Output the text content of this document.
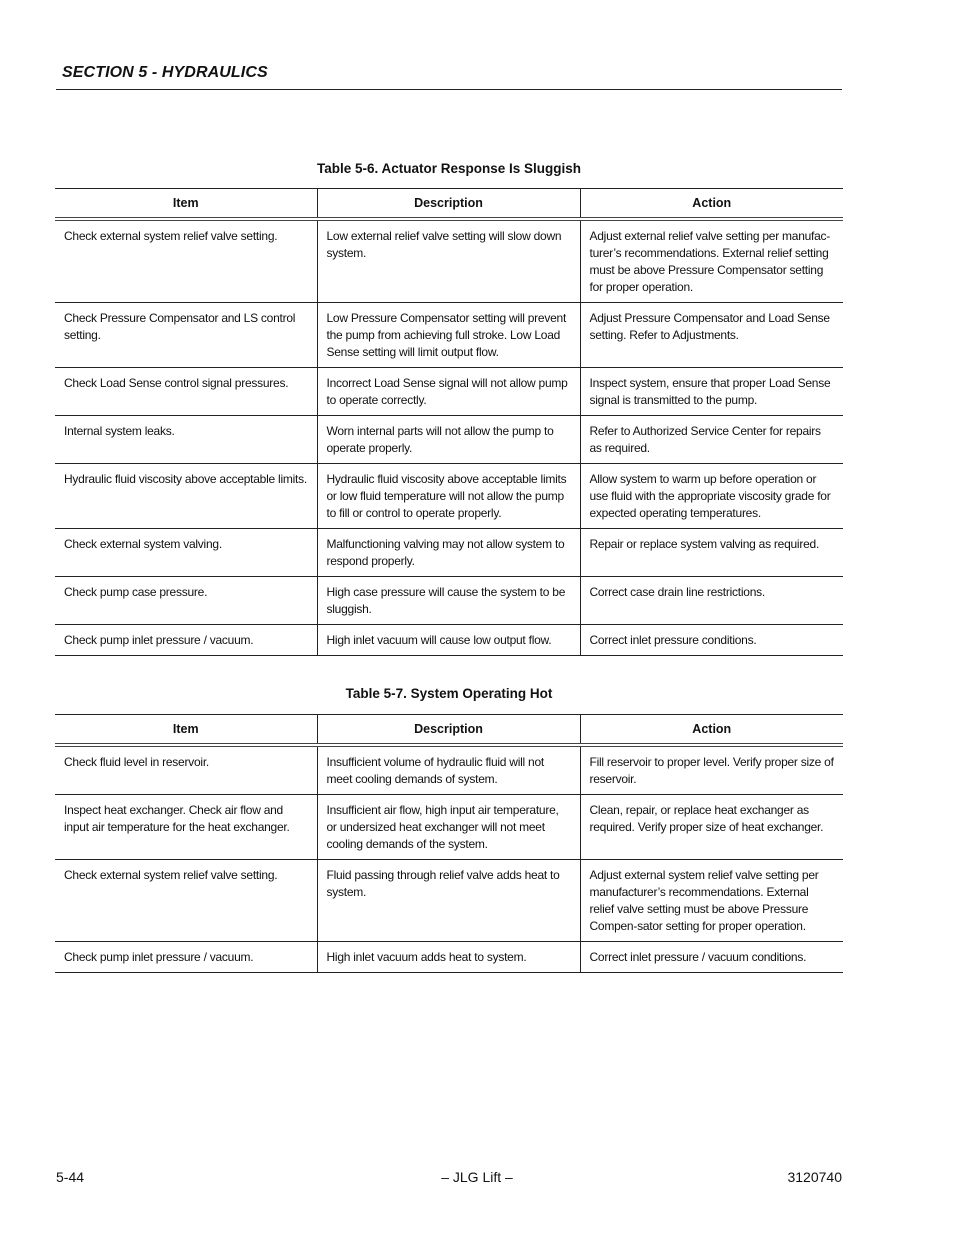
SECTION 5 - HYDRAULICS
Table 5-6. Actuator Response Is Sluggish
Item	Description	Action
Check external system relief valve setting.	Low external relief valve setting will slow down system.	Adjust external relief valve setting per manufac-turer’s recommendations. External relief setting must be above Pressure Compensator setting for proper operation.
Check Pressure Compensator and LS control setting.	Low Pressure Compensator setting will prevent the pump from achieving full stroke. Low Load Sense setting will limit output flow.	Adjust Pressure Compensator and Load Sense setting. Refer to Adjustments.
Check Load Sense control signal pressures.	Incorrect Load Sense signal will not allow pump to operate correctly.	Inspect system, ensure that proper Load Sense signal is transmitted to the pump.
Internal system leaks.	Worn internal parts will not allow the pump to operate properly.	Refer to Authorized Service Center for repairs as required.
Hydraulic fluid viscosity above acceptable limits.	Hydraulic fluid viscosity above acceptable limits or low fluid temperature will not allow the pump to fill or control to operate properly.	Allow system to warm up before operation or use fluid with the appropriate viscosity grade for expected operating temperatures.
Check external system valving.	Malfunctioning valving may not allow system to respond properly.	Repair or replace system valving as required.
Check pump case pressure.	High case pressure will cause the system to be sluggish.	Correct case drain line restrictions.
Check pump inlet pressure / vacuum.	High inlet vacuum will cause low output flow.	Correct inlet pressure conditions.
Table 5-7. System Operating Hot
Item	Description	Action
Check fluid level in reservoir.	Insufficient volume of hydraulic fluid will not meet cooling demands of system.	Fill reservoir to proper level. Verify proper size of reservoir.
Inspect heat exchanger. Check air flow and input air temperature for the heat exchanger.	Insufficient air flow, high input air temperature, or undersized heat exchanger will not meet cooling demands of the system.	Clean, repair, or replace heat exchanger as required. Verify proper size of heat exchanger.
Check external system relief valve setting.	Fluid passing through relief valve adds heat to system.	Adjust external system relief valve setting per manufacturer’s recommendations. External relief valve setting must be above Pressure Compen-sator setting for proper operation.
Check pump inlet pressure / vacuum.	High inlet vacuum adds heat to system.	Correct inlet pressure / vacuum conditions.
5-44	– JLG Lift –	3120740
